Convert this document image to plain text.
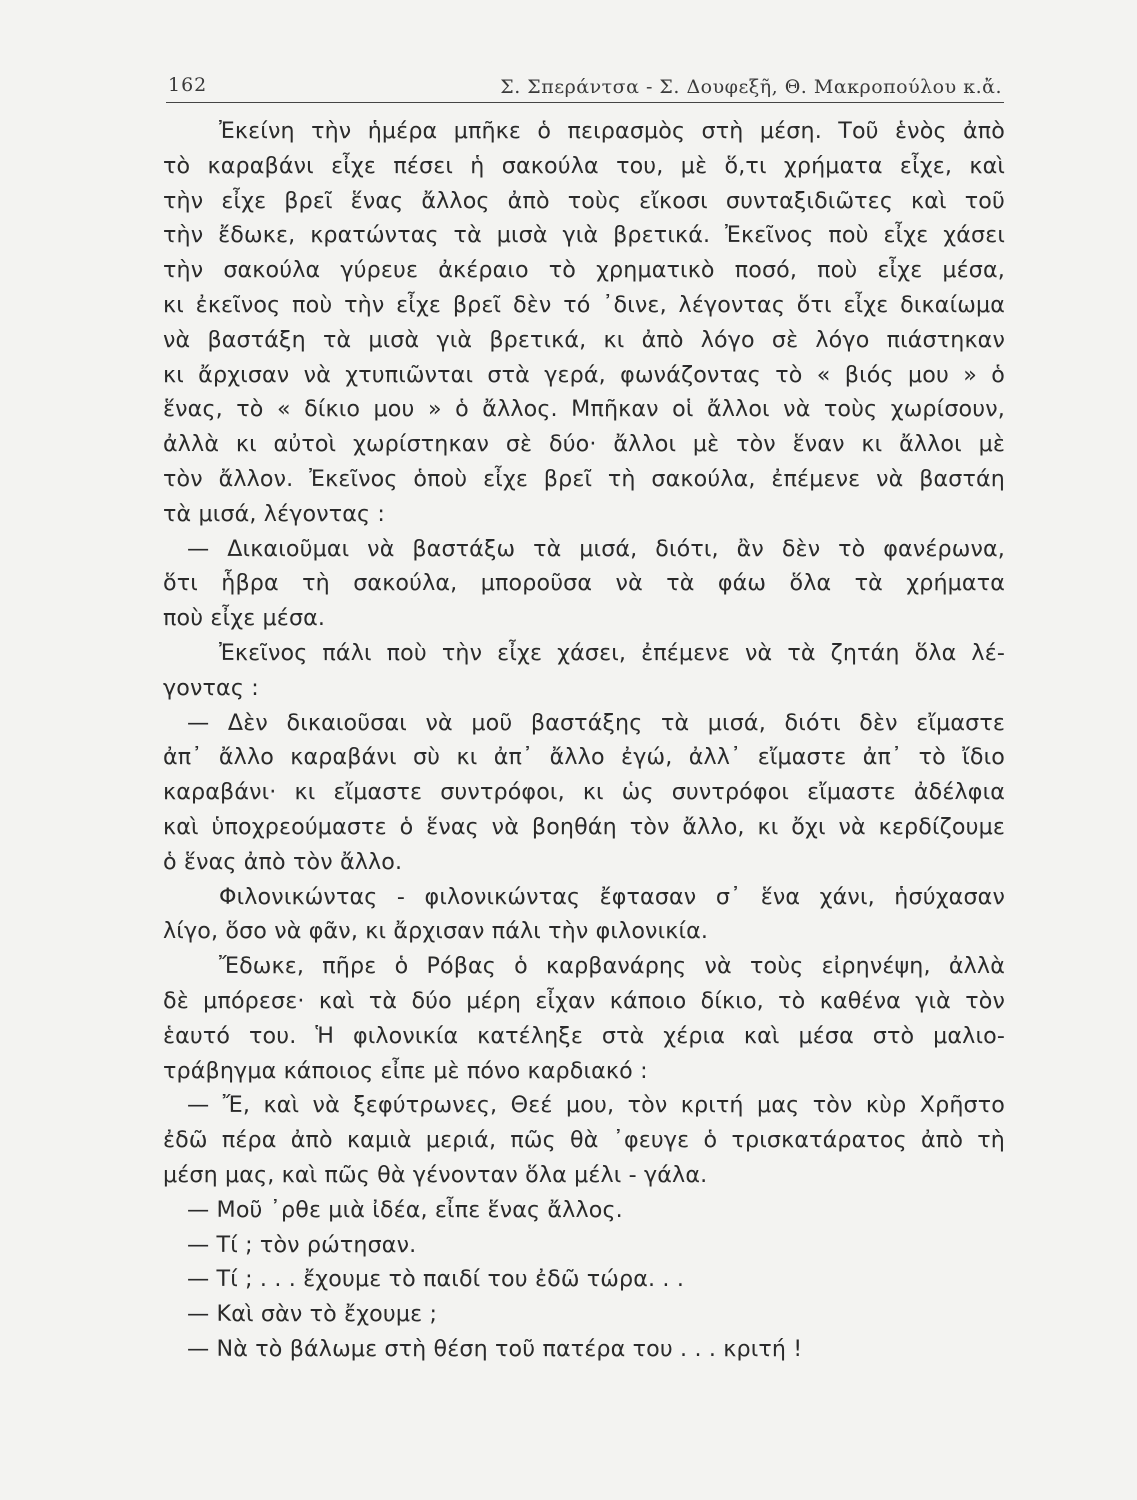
162	Σ. Σπεράντσα - Σ. Δουφεξῆ, Θ. Μακροπούλου κ.ἄ.
Ἐκείνη τὴν ἡμέρα μπῆκε ὁ πειρασμὸς στὴ μέση. Τοῦ ἑνὸς ἀπὸ
τὸ καραβάνι εἶχε πέσει ἡ σακούλα του, μὲ ὅ,τι χρήματα εἶχε, καὶ
τὴν εἶχε βρεῖ ἕνας ἄλλος ἀπὸ τοὺς εἴκοσι συνταξιδιῶτες καὶ τοῦ
τὴν ἔδωκε, κρατώντας τὰ μισὰ γιὰ βρετικά. Ἐκεῖνος ποὺ εἶχε χάσει
τὴν σακούλα γύρευε ἀκέραιο τὸ χρηματικὸ ποσό, ποὺ εἶχε μέσα,
κι ἐκεῖνος ποὺ τὴν εἶχε βρεῖ δὲν τό ᾽δινε, λέγοντας ὅτι εἶχε δικαίωμα
νὰ βαστάξη τὰ μισὰ γιὰ βρετικά, κι ἀπὸ λόγο σὲ λόγο πιάστηκαν
κι ἄρχισαν νὰ χτυπιῶνται στὰ γερά, φωνάζοντας τὸ « βιός μου » ὁ
ἕνας, τὸ « δίκιο μου » ὁ ἄλλος. Μπῆκαν οἱ ἄλλοι νὰ τοὺς χωρίσουν,
ἀλλὰ κι αὐτοὶ χωρίστηκαν σὲ δύο· ἄλλοι μὲ τὸν ἕναν κι ἄλλοι μὲ
τὸν ἄλλον. Ἐκεῖνος ὁποὺ εἶχε βρεῖ τὴ σακούλα, ἐπέμενε νὰ βαστάη
τὰ μισά, λέγοντας :
— Δικαιοῦμαι νὰ βαστάξω τὰ μισά, διότι, ἂν δὲν τὸ φανέρωνα,
ὅτι ἧβρα τὴ σακούλα, μποροῦσα νὰ τὰ φάω ὅλα τὰ χρήματα
ποὺ εἶχε μέσα.
Ἐκεῖνος πάλι ποὺ τὴν εἶχε χάσει, ἐπέμενε νὰ τὰ ζητάη ὅλα λέ-
γοντας :
— Δὲν δικαιοῦσαι νὰ μοῦ βαστάξης τὰ μισά, διότι δὲν εἴμαστε
ἀπ᾽ ἄλλο καραβάνι σὺ κι ἀπ᾽ ἄλλο ἐγώ, ἀλλ᾽ εἴμαστε ἀπ᾽ τὸ ἴδιο
καραβάνι· κι εἴμαστε συντρόφοι, κι ὡς συντρόφοι εἴμαστε ἀδέλφια
καὶ ὑποχρεούμαστε ὁ ἕνας νὰ βοηθάη τὸν ἄλλο, κι ὄχι νὰ κερδίζουμε
ὁ ἕνας ἀπὸ τὸν ἄλλο.
Φιλονικώντας - φιλονικώντας ἔφτασαν σ᾽ ἕνα χάνι, ἡσύχασαν
λίγο, ὅσο νὰ φᾶν, κι ἄρχισαν πάλι τὴν φιλονικία.
Ἔδωκε, πῆρε ὁ Ρόβας ὁ καρβανάρης νὰ τοὺς εἰρηνέψη, ἀλλὰ
δὲ μπόρεσε· καὶ τὰ δύο μέρη εἶχαν κάποιο δίκιο, τὸ καθένα γιὰ τὸν
ἑαυτό του. Ἡ φιλονικία κατέληξε στὰ χέρια καὶ μέσα στὸ μαλιο-
τράβηγμα κάποιος εἶπε μὲ πόνο καρδιακό :
— Ἔ, καὶ νὰ ξεφύτρωνες, Θεέ μου, τὸν κριτή μας τὸν κὺρ Χρῆστο
ἐδῶ πέρα ἀπὸ καμιὰ μεριά, πῶς θὰ ᾽φευγε ὁ τρισκατάρατος ἀπὸ τὴ
μέση μας, καὶ πῶς θὰ γένονταν ὅλα μέλι - γάλα.
— Μοῦ ᾽ρθε μιὰ ἰδέα, εἶπε ἕνας ἄλλος.
— Τί ; τὸν ρώτησαν.
— Τί ; . . . ἔχουμε τὸ παιδί του ἐδῶ τώρα. . .
— Καὶ σὰν τὸ ἔχουμε ;
— Νὰ τὸ βάλωμε στὴ θέση τοῦ πατέρα του . . . κριτή !
